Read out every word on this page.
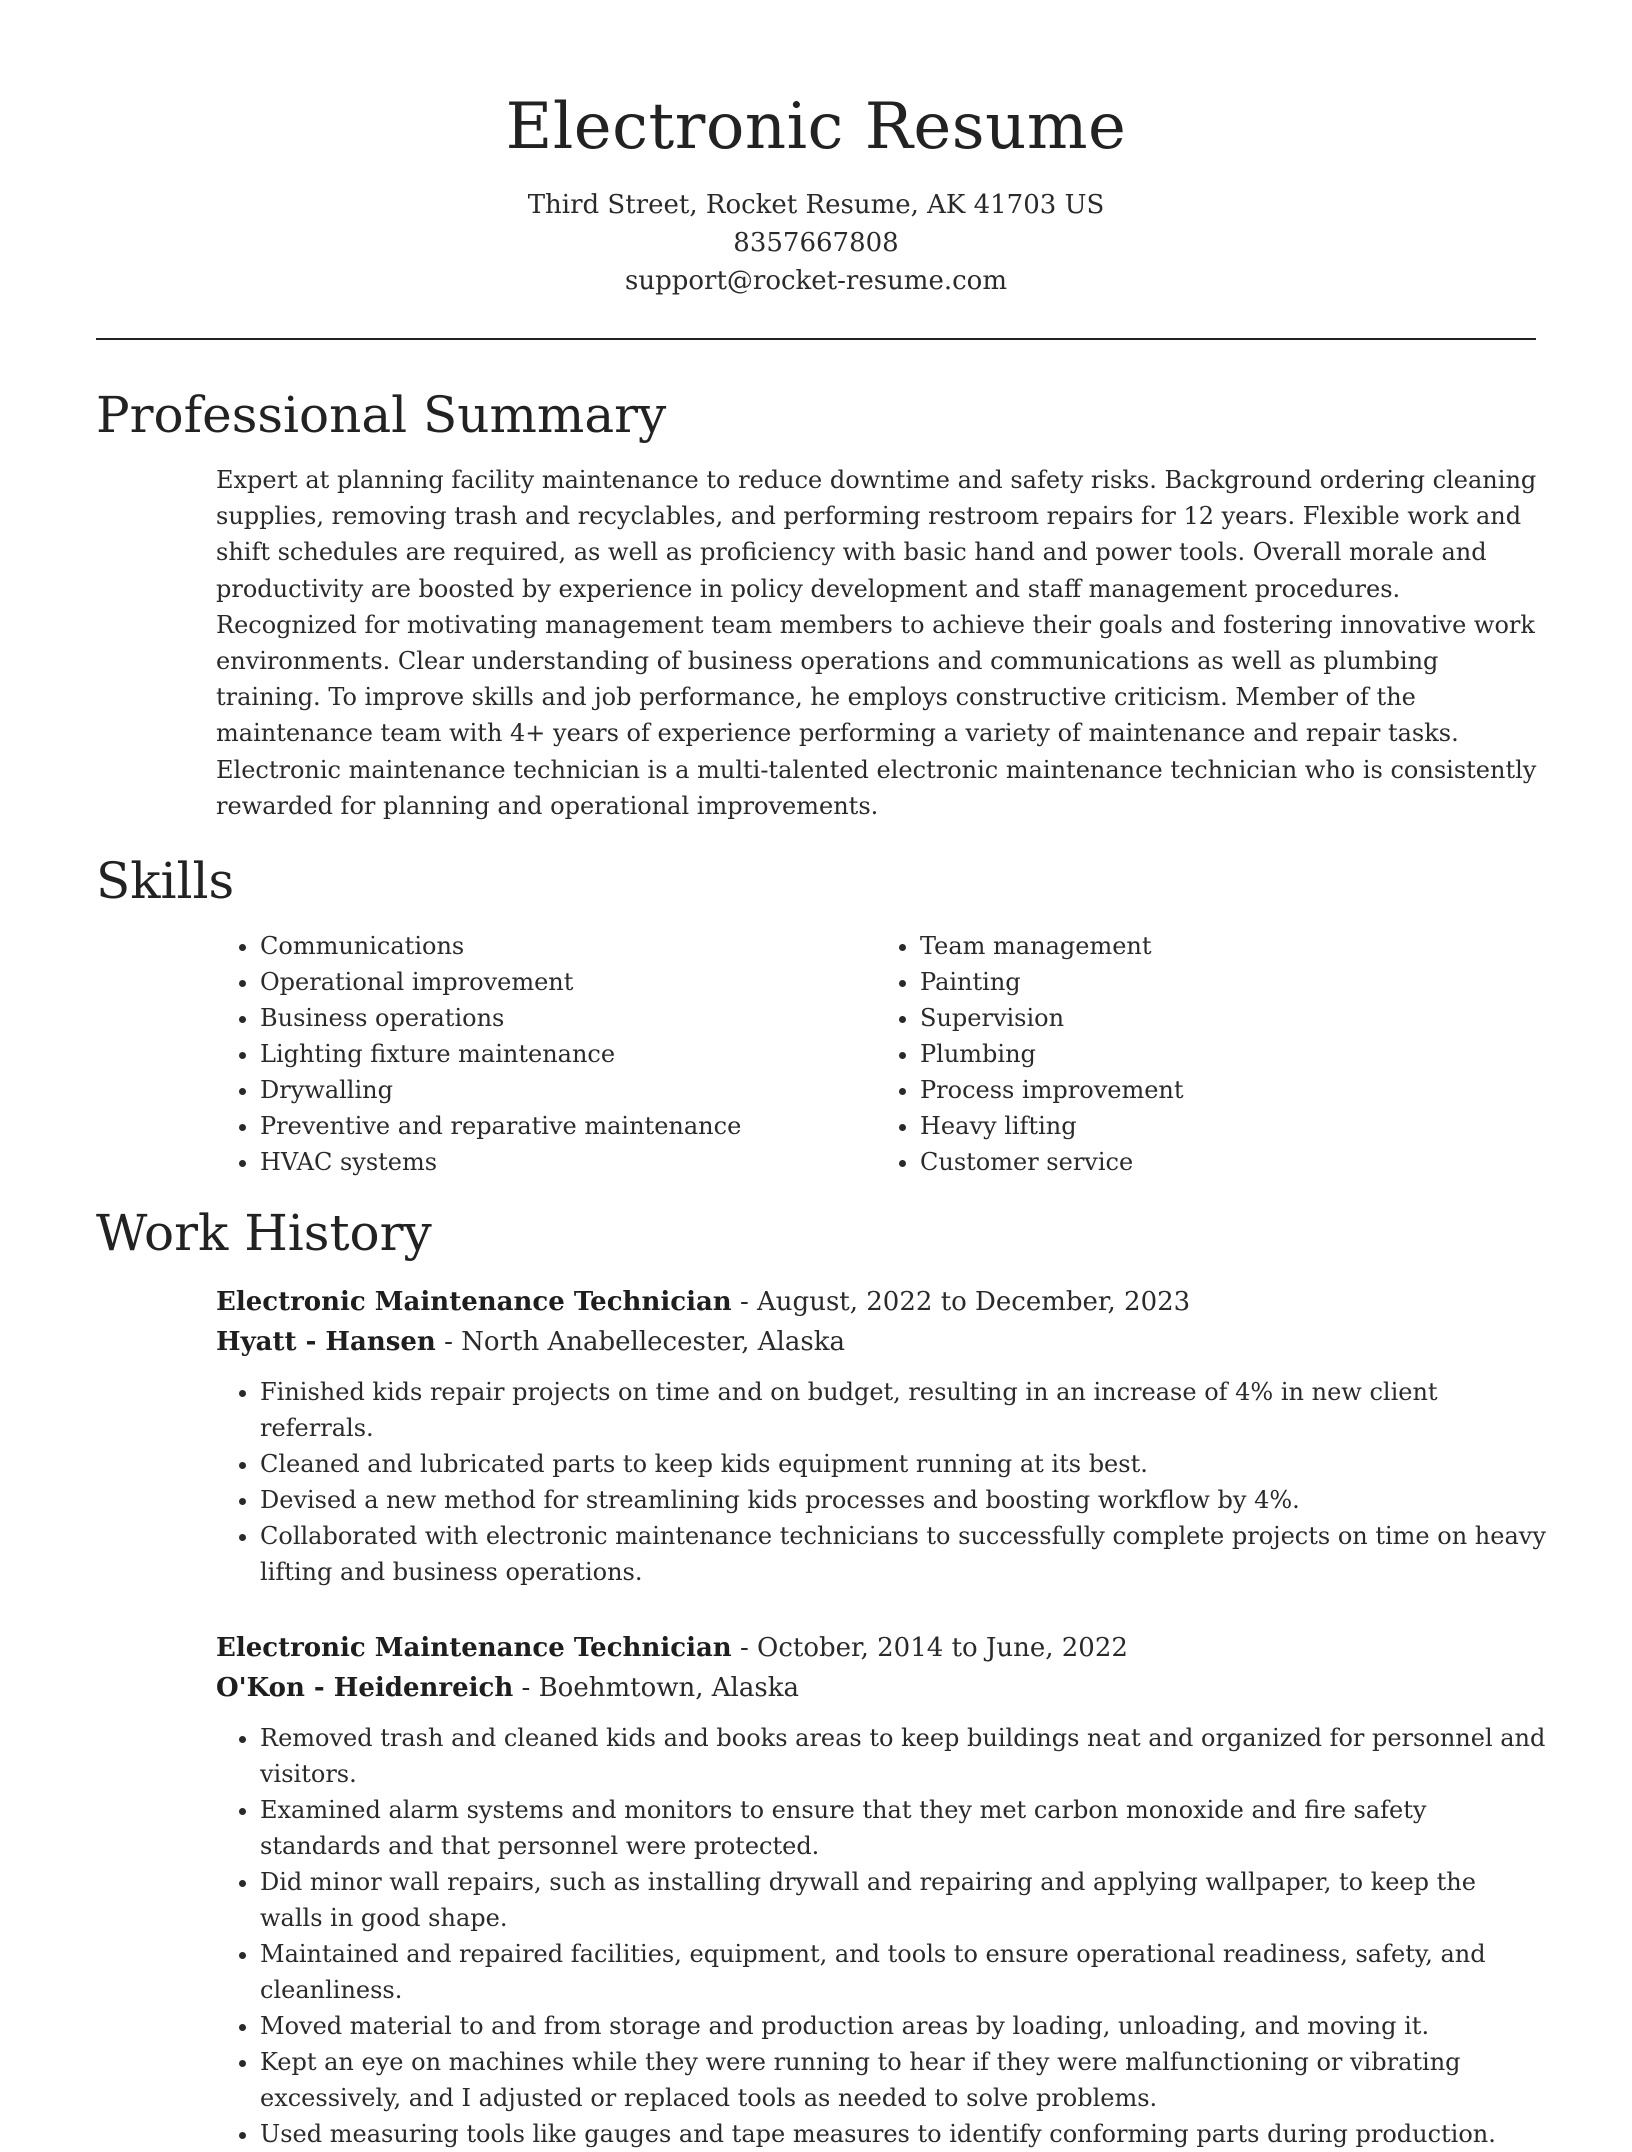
Electronic Resume
Third Street, Rocket Resume, AK 41703 US
8357667808
support@rocket-resume.com
Professional Summary

Expert at planning facility maintenance to reduce downtime and safety risks. Background ordering cleaning supplies, removing trash and recyclables, and performing restroom repairs for 12 years. Flexible work and shift schedules are required, as well as proficiency with basic hand and power tools. Overall morale and productivity are boosted by experience in policy development and staff management procedures. Recognized for motivating management team members to achieve their goals and fostering innovative work environments. Clear understanding of business operations and communications as well as plumbing training. To improve skills and job performance, he employs constructive criticism. Member of the maintenance team with 4+ years of experience performing a variety of maintenance and repair tasks. Electronic maintenance technician is a multi-talented electronic maintenance technician who is consistently rewarded for planning and operational improvements.

Skills
• Communications
• Operational improvement
• Business operations
• Lighting fixture maintenance
• Drywalling
• Preventive and reparative maintenance
• HVAC systems
• Team management
• Painting
• Supervision
• Plumbing
• Process improvement
• Heavy lifting
• Customer service
Work History
Electronic Maintenance Technician - August, 2022 to December, 2023
Hyatt - Hansen - North Anabellecester, Alaska
• Finished kids repair projects on time and on budget, resulting in an increase of 4% in new client referrals.
• Cleaned and lubricated parts to keep kids equipment running at its best.
• Devised a new method for streamlining kids processes and boosting workflow by 4%.
• Collaborated with electronic maintenance technicians to successfully complete projects on time on heavy lifting and business operations.
Electronic Maintenance Technician - October, 2014 to June, 2022
O'Kon - Heidenreich - Boehmtown, Alaska
• Removed trash and cleaned kids and books areas to keep buildings neat and organized for personnel and visitors.
• Examined alarm systems and monitors to ensure that they met carbon monoxide and fire safety standards and that personnel were protected.
• Did minor wall repairs, such as installing drywall and repairing and applying wallpaper, to keep the walls in good shape.
• Maintained and repaired facilities, equipment, and tools to ensure operational readiness, safety, and cleanliness.
• Moved material to and from storage and production areas by loading, unloading, and moving it.
• Kept an eye on machines while they were running to hear if they were malfunctioning or vibrating excessively, and I adjusted or replaced tools as needed to solve problems.
• Used measuring tools like gauges and tape measures to identify conforming parts during production.
